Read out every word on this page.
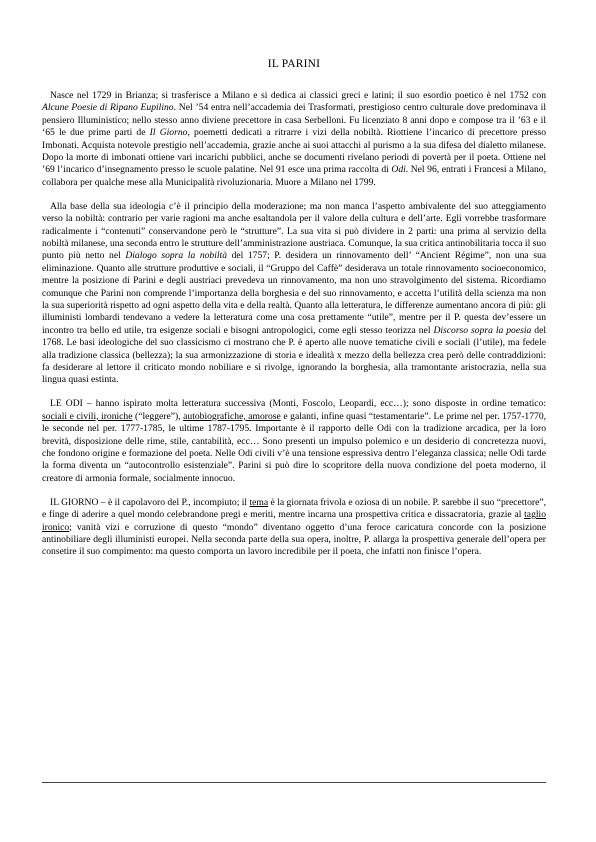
IL PARINI

Nasce nel 1729 in Brianza; si trasferisce a Milano e si dedica ai classici greci e latini; il suo esordio poetico è nel 1752 con Alcune Poesie di Ripano Eupilino. Nel ’54 entra nell’accademia dei Trasformati, prestigioso centro culturale dove predominava il pensiero Illuministico; nello stesso anno diviene precettore in casa Serbelloni. Fu licenziato 8 anni dopo e compose tra il ’63 e il ‘65 le due prime parti de Il Giorno, poemetti dedicati a ritrarre i vizi della nobiltà. Riottiene l’incarico di precettore presso Imbonati. Acquista notevole prestigio nell’accademia, grazie anche ai suoi attacchi al purismo a la sua difesa del dialetto milanese. Dopo la morte di imbonati ottiene vari incarichi pubblici, anche se documenti rivelano periodi di povertà per il poeta. Ottiene nel ’69 l’incarico d’insegnamento presso le scuole palatine. Nel 91 esce una prima raccolta di Odi. Nel 96, entrati i Francesi a Milano, collabora per qualche mese alla Municipalità rivoluzionaria. Muore a Milano nel 1799.

Alla base della sua ideologia c’è il principio della moderazione; ma non manca l’aspetto ambivalente del suo atteggiamento verso la nobiltà: contrario per varie ragioni ma anche esaltandola per il valore della cultura e dell’arte. Egli vorrebbe trasformare radicalmente i “contenuti” conservandone però le “strutture”. La sua vita si può dividere in 2 parti: una prima al servizio della nobiltà milanese, una seconda entro le strutture dell’amministrazione austriaca. Comunque, la sua critica antinobilitaria tocca il suo punto più netto nel Dialogo sopra la nobiltà del 1757; P. desidera un rinnovamento dell’ “Ancient Régime”, non una sua eliminazione. Quanto alle strutture produttive e sociali, il “Gruppo del Caffè” desiderava un totale rinnovamento socioeconomico, mentre la posizione di Parini e degli austriaci prevedeva un rinnovamento, ma non uno stravolgimento del sistema. Ricordiamo comunque che Parini non comprende l’importanza della borghesia e del suo rinnovamento, e accetta l’utilità della scienza ma non la sua superiorità rispetto ad ogni aspetto della vita e della realtà. Quanto alla letteratura, le differenze aumentano ancora di più: gli illuministi lombardi tendevano a vedere la letteratura come una cosa prettamente “utile”, mentre per il P. questa dev’essere un incontro tra bello ed utile, tra esigenze sociali e bisogni antropologici, come egli stesso teorizza nel Discorso sopra la poesia del 1768. Le basi ideologiche del suo classicismo ci mostrano che P. è aperto alle nuove tematiche civili e sociali (l’utile), ma fedele alla tradizione classica (bellezza); la sua armonizzazione di storia e idealità x mezzo della bellezza crea però delle contraddizioni: fa desiderare al lettore il criticato mondo nobiliare e si rivolge, ignorando la borghesia, alla tramontante aristocrazia, nella sua lingua quasi estinta.

LE ODI – hanno ispirato molta letteratura successiva (Monti, Foscolo, Leopardi, ecc…); sono disposte in ordine tematico: sociali e civili, ironiche (“leggere”), autobiografiche, amorose e galanti, infine quasi “testamentarie”. Le prime nel per. 1757-1770, le seconde nel per. 1777-1785, le ultime 1787-1795. Importante è il rapporto delle Odi con la tradizione arcadica, per la loro brevità, disposizione delle rime, stile, cantabilità, ecc… Sono presenti un impulso polemico e un desiderio di concretezza nuovi, che fondono origine e formazione del poeta. Nelle Odi civili v’è una tensione espressiva dentro l’eleganza classica; nelle Odi tarde la forma diventa un “autocontrollo esistenziale”. Parini si può dire lo scopritore della nuova condizione del poeta moderno, il creatore di armonia formale, socialmente innocuo.

IL GIORNO – è il capolavoro del P., incompiuto; il tema è la giornata frivola e oziosa di un nobile. P. sarebbe il suo “precettore”, e finge di aderire a quel mondo celebrandone pregi e meriti, mentre incarna una prospettiva critica e dissacratoria, grazie al taglio ironico; vanità vizi e corruzione di questo “mondo” diventano oggetto d’una feroce caricatura concorde con la posizione antinobiliare degli illuministi europei. Nella seconda parte della sua opera, inoltre, P. allarga la prospettiva generale dell’opera per consetire il suo compimento: ma questo comporta un lavoro incredibile per il poeta, che infatti non finisce l’opera.
